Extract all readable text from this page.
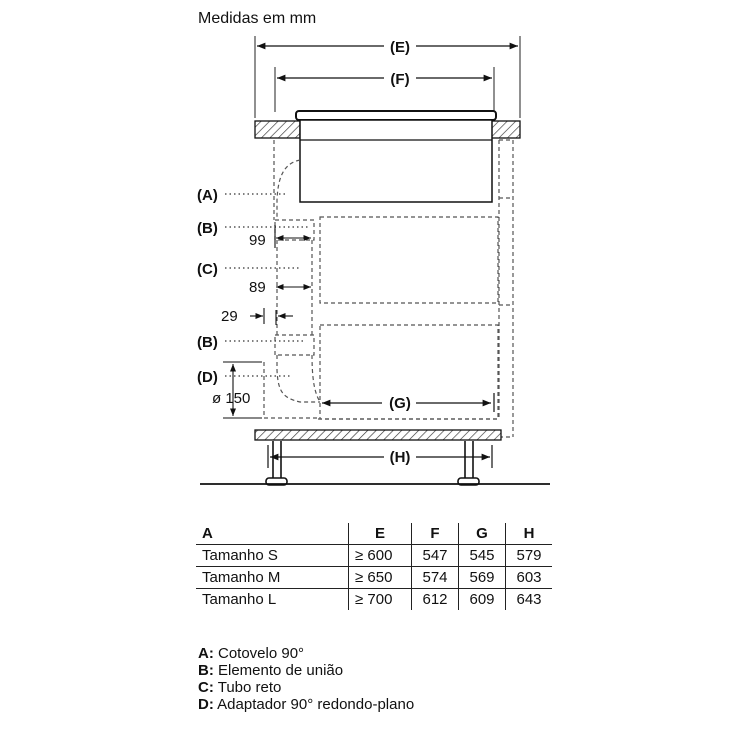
Medidas em mm
(E)
(F)
(A)
(B)
(C)
(B)
(D)
99
89
29
ø 150	(G)
(H)
A	E	F	G	H
Tamanho S	≥ 600	547	545	579
Tamanho M	≥ 650	574	569	603
Tamanho L	≥ 700	612	609	643
A: Cotovelo 90°
B: Elemento de união
C: Tubo reto
D: Adaptador 90° redondo-plano
